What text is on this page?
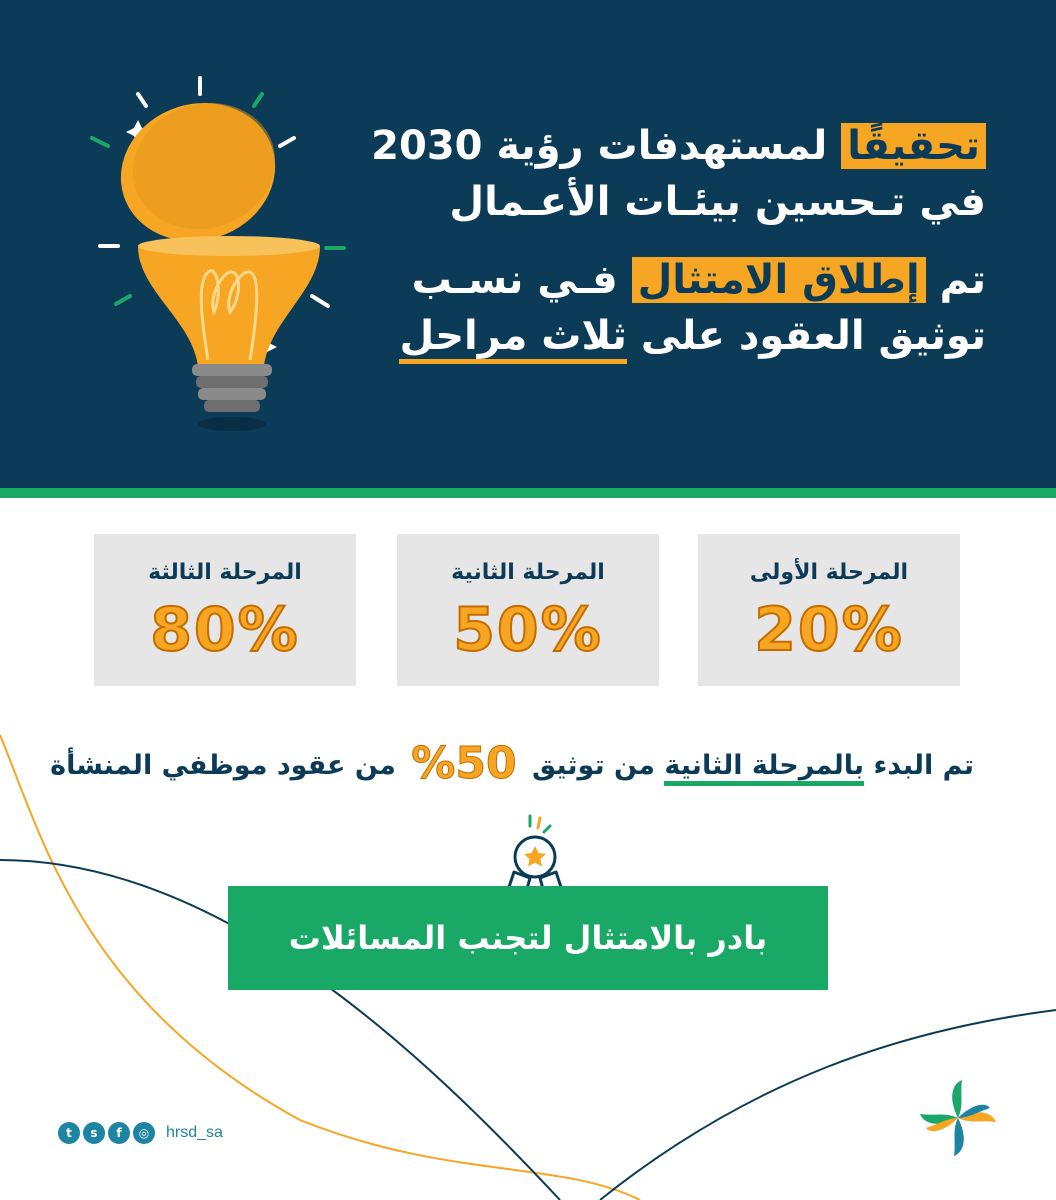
تحقيقًا لمستهدفات رؤية 2030
في تـحسين بيئـات الأعـمال
تم إطلاق الامتثال فـي نسـب
توثيق العقود على ثلاث مراحل
المرحلة الأولى
20%
المرحلة الثانية
50%
المرحلة الثالثة
80%
تم البدء بالمرحلة الثانية من توثيق 50% من عقود موظفي المنشأة
بادر بالامتثال لتجنب المسائلات القانونية
t	s	f	◎	hrsd_sa
